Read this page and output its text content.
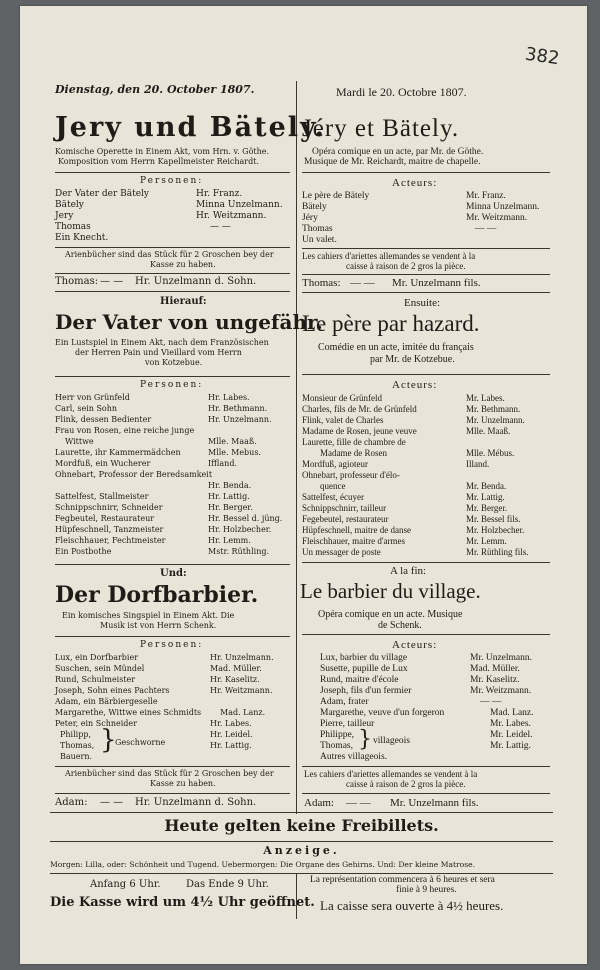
382
Dienstag, den 20. October 1807.
Jery und Bätely.
Komische Operette in Einem Akt, vom Hrn. v. Göthe.
Komposition vom Herrn Kapellmeister Reichardt.
Personen:
Der Vater der Bätely	Hr. Franz.
Bätely	Minna Unzelmann.
Jery	Hr. Weitzmann.
Thomas	— —
Ein Knecht.
Arienbücher sind das Stück für 2 Groschen bey der
Kasse zu haben.
Thomas: — — Hr. Unzelmann d. Sohn.
Hierauf:
Der Vater von ungefähr.
Ein Lustspiel in Einem Akt, nach dem Französischen
der Herren Pain und Vieillard vom Herrn
von Kotzebue.
Personen:
Herr von Grünfeld	Hr. Labes.
Carl, sein Sohn	Hr. Bethmann.
Flink, dessen Bedienter	Hr. Unzelmann.
Frau von Rosen, eine reiche junge
Wittwe	Mlle. Maaß.
Laurette, ihr Kammermädchen	Mlle. Mebus.
Mordfuß, ein Wucherer	Iffland.
Ohnebart, Professor der Beredsamkeit
Hr. Benda.
Sattelfest, Stallmeister	Hr. Lattig.
Schnippschnirr, Schneider	Hr. Berger.
Fegbeutel, Restaurateur	Hr. Bessel d. jüng.
Hüpfeschnell, Tanzmeister	Hr. Holzbecher.
Fleischhauer, Fechtmeister	Hr. Lemm.
Ein Postbothe	Mstr. Rüthling.
Und:
Der Dorfbarbier.
Ein komisches Singspiel in Einem Akt. Die
Musik ist von Herrn Schenk.
Personen:
Lux, ein Dorfbarbier	Hr. Unzelmann.
Suschen, sein Mündel	Mad. Müller.
Rund, Schulmeister	Hr. Kaselitz.
Joseph, Sohn eines Pachters	Hr. Weitzmann.
Adam, ein Bärbiergeselle
Margarethe, Wittwe eines Schmidts Mad. Lanz.
Peter, ein Schneider	Hr. Labes.
Philipp,	Hr. Leidel.
Thomas,	Hr. Lattig.
Bauern.
}
Geschworne
Arienbücher sind das Stück für 2 Groschen bey der
Kasse zu haben.
Adam: — — Hr. Unzelmann d. Sohn.
Mardi le 20. Octobre 1807.
Jéry et Bätely.
Opéra comique en un acte, par Mr. de Göthe.
Musique de Mr. Reichardt, maitre de chapelle.
Acteurs:
Le père de Bätely	Mr. Franz.
Bätely	Minna Unzelmann.
Jéry	Mr. Weitzmann.
Thomas	— —
Un valet.
Les cahiers d'ariettes allemandes se vendent à la
caisse à raison de 2 gros la pièce.
Thomas: — — Mr. Unzelmann fils.
Ensuite:
Le père par hazard.
Comédie en un acte, imitée du français
par Mr. de Kotzebue.
Acteurs:
Monsieur de Grünfeld	Mr. Labes.
Charles, fils de Mr. de Grünfeld	Mr. Bethmann.
Flink, valet de Charles	Mr. Unzelmann.
Madame de Rosen, jeune veuve	Mlle. Maaß.
Laurette, fille de chambre de
Madame de Rosen	Mlle. Mébus.
Mordfuß, agioteur	Illand.
Ohnebart, professeur d'élo-
quence	Mr. Benda.
Sattelfest, écuyer	Mr. Lattig.
Schnippschnirr, tailleur	Mr. Berger.
Fegebeutel, restaurateur	Mr. Bessel fils.
Hüpfeschnell, maitre de danse	Mr. Holzbecher.
Fleischhauer, maitre d'armes	Mr. Lemm.
Un messager de poste	Mr. Rüthling fils.
A la fin:
Le barbier du village.
Opéra comique en un acte. Musique
de Schenk.
Acteurs:
Lux, barbier du village	Mr. Unzelmann.
Susette, pupille de Lux	Mad. Müller.
Rund, maitre d'école	Mr. Kaselitz.
Joseph, fils d'un fermier	Mr. Weitzmann.
Adam, frater	— —
Margarethe, veuve d'un forgeron	Mad. Lanz.
Pierre, tailleur	Mr. Labes.
Philippe,	Mr. Leidel.
Thomas,	Mr. Lattig.
Autres villageois.
} villageois
Les cahiers d'ariettes allemandes se vendent à la
caisse à raison de 2 gros la pièce.
Adam: — — Mr. Unzelmann fils.
Heute gelten keine Freibillets.
Anzeige.
Morgen: Lilla, oder: Schönheit und Tugend. Uebermorgen: Die Organe des Gehirns. Und: Der kleine Matrose.
Anfang 6 Uhr.	Das Ende 9 Uhr.
Die Kasse wird um 4½ Uhr geöffnet.
La représentation commencera à 6 heures et sera
finie à 9 heures.
La caisse sera ouverte à 4½ heures.
